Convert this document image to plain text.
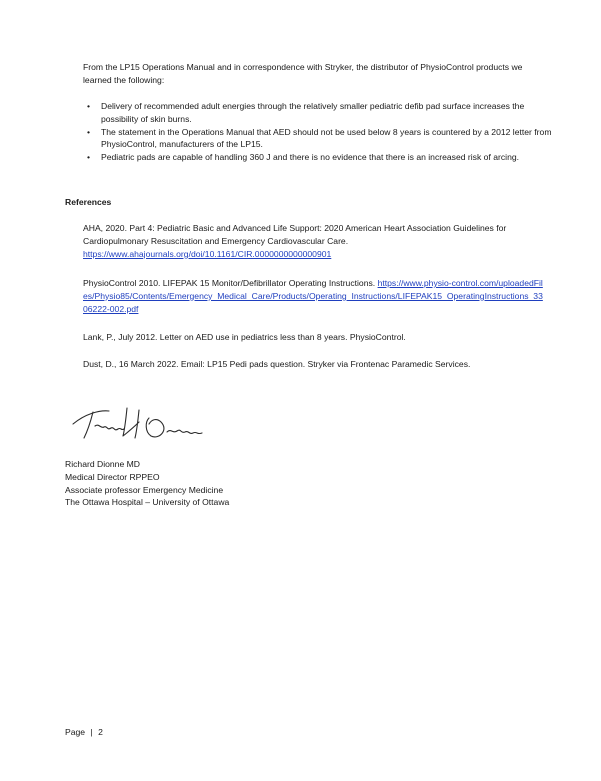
From the LP15 Operations Manual and in correspondence with Stryker, the distributor of PhysioControl products we learned the following:

• Delivery of recommended adult energies through the relatively smaller pediatric defib pad surface increases the possibility of skin burns.
• The statement in the Operations Manual that AED should not be used below 8 years is countered by a 2012 letter from PhysioControl, manufacturers of the LP15.
• Pediatric pads are capable of handling 360 J and there is no evidence that there is an increased risk of arcing.
References

AHA, 2020. Part 4: Pediatric Basic and Advanced Life Support: 2020 American Heart Association Guidelines for Cardiopulmonary Resuscitation and Emergency Cardiovascular Care. https://www.ahajournals.org/doi/10.1161/CIR.0000000000000901

PhysioControl 2010. LIFEPAK 15 Monitor/Defibrillator Operating Instructions. https://www.physio-control.com/uploadedFiles/Physio85/Contents/Emergency_Medical_Care/Products/Operating_Instructions/LIFEPAK15_OperatingInstructions_3306222-002.pdf

Lank, P., July 2012. Letter on AED use in pediatrics less than 8 years. PhysioControl.

Dust, D., 16 March 2022. Email: LP15 Pedi pads question. Stryker via Frontenac Paramedic Services.

Richard Dionne MD
Medical Director RPPEO
Associate professor Emergency Medicine
The Ottawa Hospital – University of Ottawa

Page | 2
